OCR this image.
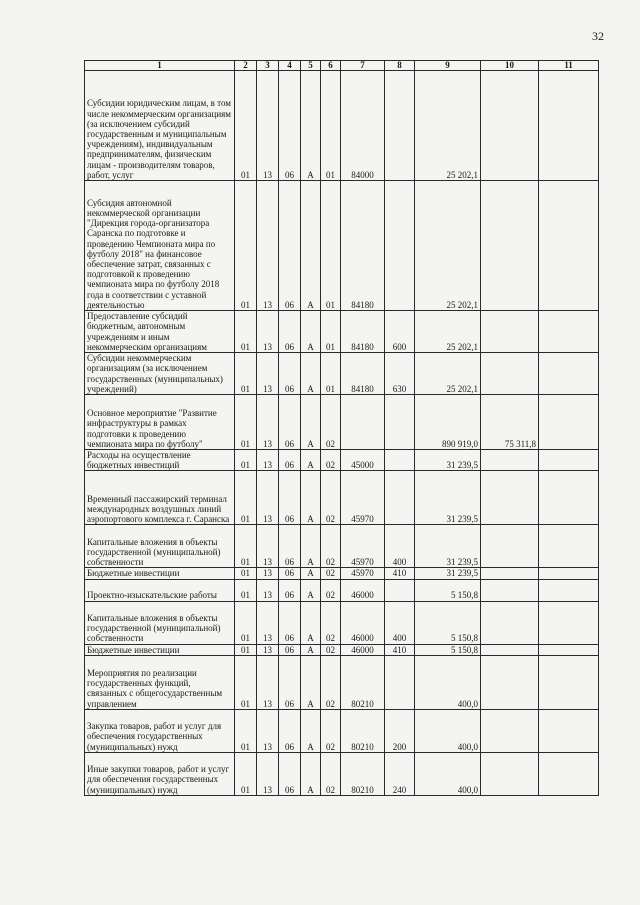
32
1	2	3	4	5	6	7	8	9	10	11
Субсидии юридическим лицам, в том числе некоммерческим организациям (за исключением субсидий государственным и муниципальным учреждениям), индивидуальным предпринимателям, физическим лицам - производителям товаров, работ, услуг	01	13	06	А	01	84000		25 202,1		
Субсидия автономной некоммерческой организации "Дирекция города-организатора Саранска по подготовке и проведению Чемпионата мира по футболу 2018" на финансовое обеспечение затрат, связанных с подготовкой к проведению чемпионата мира по футболу 2018 года в соответствии с уставной деятельностью	01	13	06	А	01	84180		25 202,1		
Предоставление субсидий бюджетным, автономным учреждениям и иным некоммерческим организациям	01	13	06	А	01	84180	600	25 202,1		
Субсидии некоммерческим организациям (за исключением государственных (муниципальных) учреждений)	01	13	06	А	01	84180	630	25 202,1		
Основное мероприятие "Развитие инфраструктуры в рамках подготовки к проведению чемпионата мира по футболу"	01	13	06	А	02			890 919,0	75 311,8	
Расходы на осуществление бюджетных инвестиций	01	13	06	А	02	45000		31 239,5		
Временный пассажирский терминал международных воздушных линий аэропортового комплекса г. Саранска	01	13	06	А	02	45970		31 239,5		
Капитальные вложения в объекты государственной (муниципальной) собственности	01	13	06	А	02	45970	400	31 239,5		
Бюджетные инвестиции	01	13	06	А	02	45970	410	31 239,5		
Проектно-изыскательские работы	01	13	06	А	02	46000		5 150,8		
Капитальные вложения в объекты государственной (муниципальной) собственности	01	13	06	А	02	46000	400	5 150,8		
Бюджетные инвестиции	01	13	06	А	02	46000	410	5 150,8		
Мероприятия по реализации государственных функций, связанных с общегосударственным управлением	01	13	06	А	02	80210		400,0		
Закупка товаров, работ и услуг для обеспечения государственных (муниципальных) нужд	01	13	06	А	02	80210	200	400,0		
Иные закупки товаров, работ и услуг для обеспечения государственных (муниципальных) нужд	01	13	06	А	02	80210	240	400,0		
